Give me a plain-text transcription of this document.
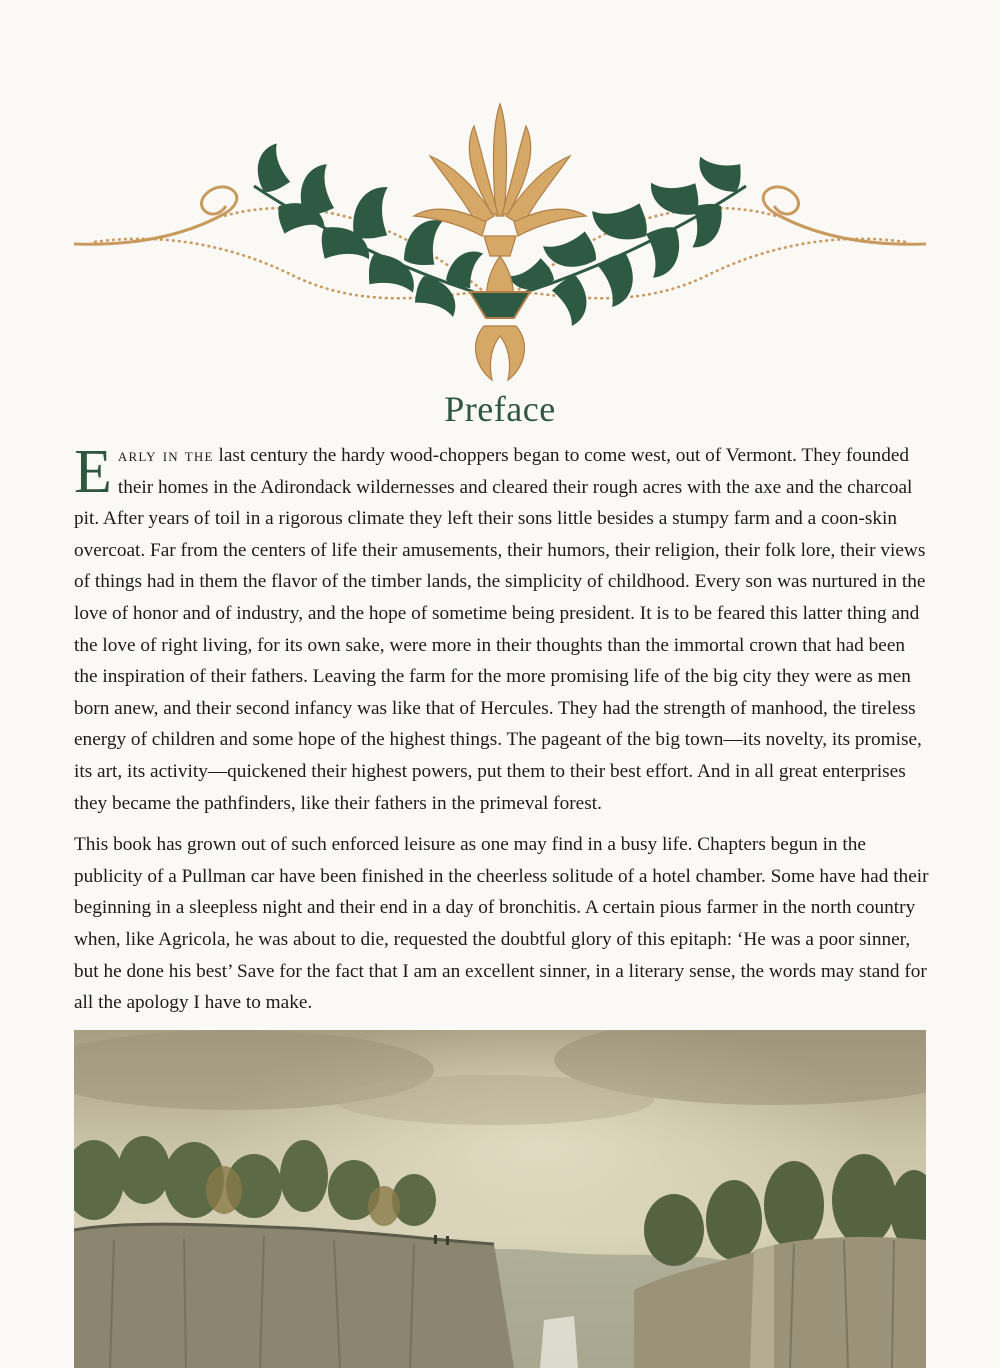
Preface

Early in the last century the hardy wood-choppers began to come west, out of Vermont. They founded their homes in the Adirondack wildernesses and cleared their rough acres with the axe and the charcoal pit. After years of toil in a rigorous climate they left their sons little besides a stumpy farm and a coon-skin overcoat. Far from the centers of life their amusements, their humors, their religion, their folk lore, their views of things had in them the flavor of the timber lands, the simplicity of childhood. Every son was nurtured in the love of honor and of industry, and the hope of sometime being president. It is to be feared this latter thing and the love of right living, for its own sake, were more in their thoughts than the immortal crown that had been the inspiration of their fathers. Leaving the farm for the more promising life of the big city they were as men born anew, and their second infancy was like that of Hercules. They had the strength of manhood, the tireless energy of children and some hope of the highest things. The pageant of the big town—its novelty, its promise, its art, its activity—quickened their highest powers, put them to their best effort. And in all great enterprises they became the pathfinders, like their fathers in the primeval forest.

This book has grown out of such enforced leisure as one may find in a busy life. Chapters begun in the publicity of a Pullman car have been finished in the cheerless solitude of a hotel chamber. Some have had their beginning in a sleepless night and their end in a day of bronchitis. A certain pious farmer in the north country when, like Agricola, he was about to die, requested the doubtful glory of this epitaph: ‘He was a poor sinner, but he done his best’ Save for the fact that I am an excellent sinner, in a literary sense, the words may stand for all the apology I have to make.
